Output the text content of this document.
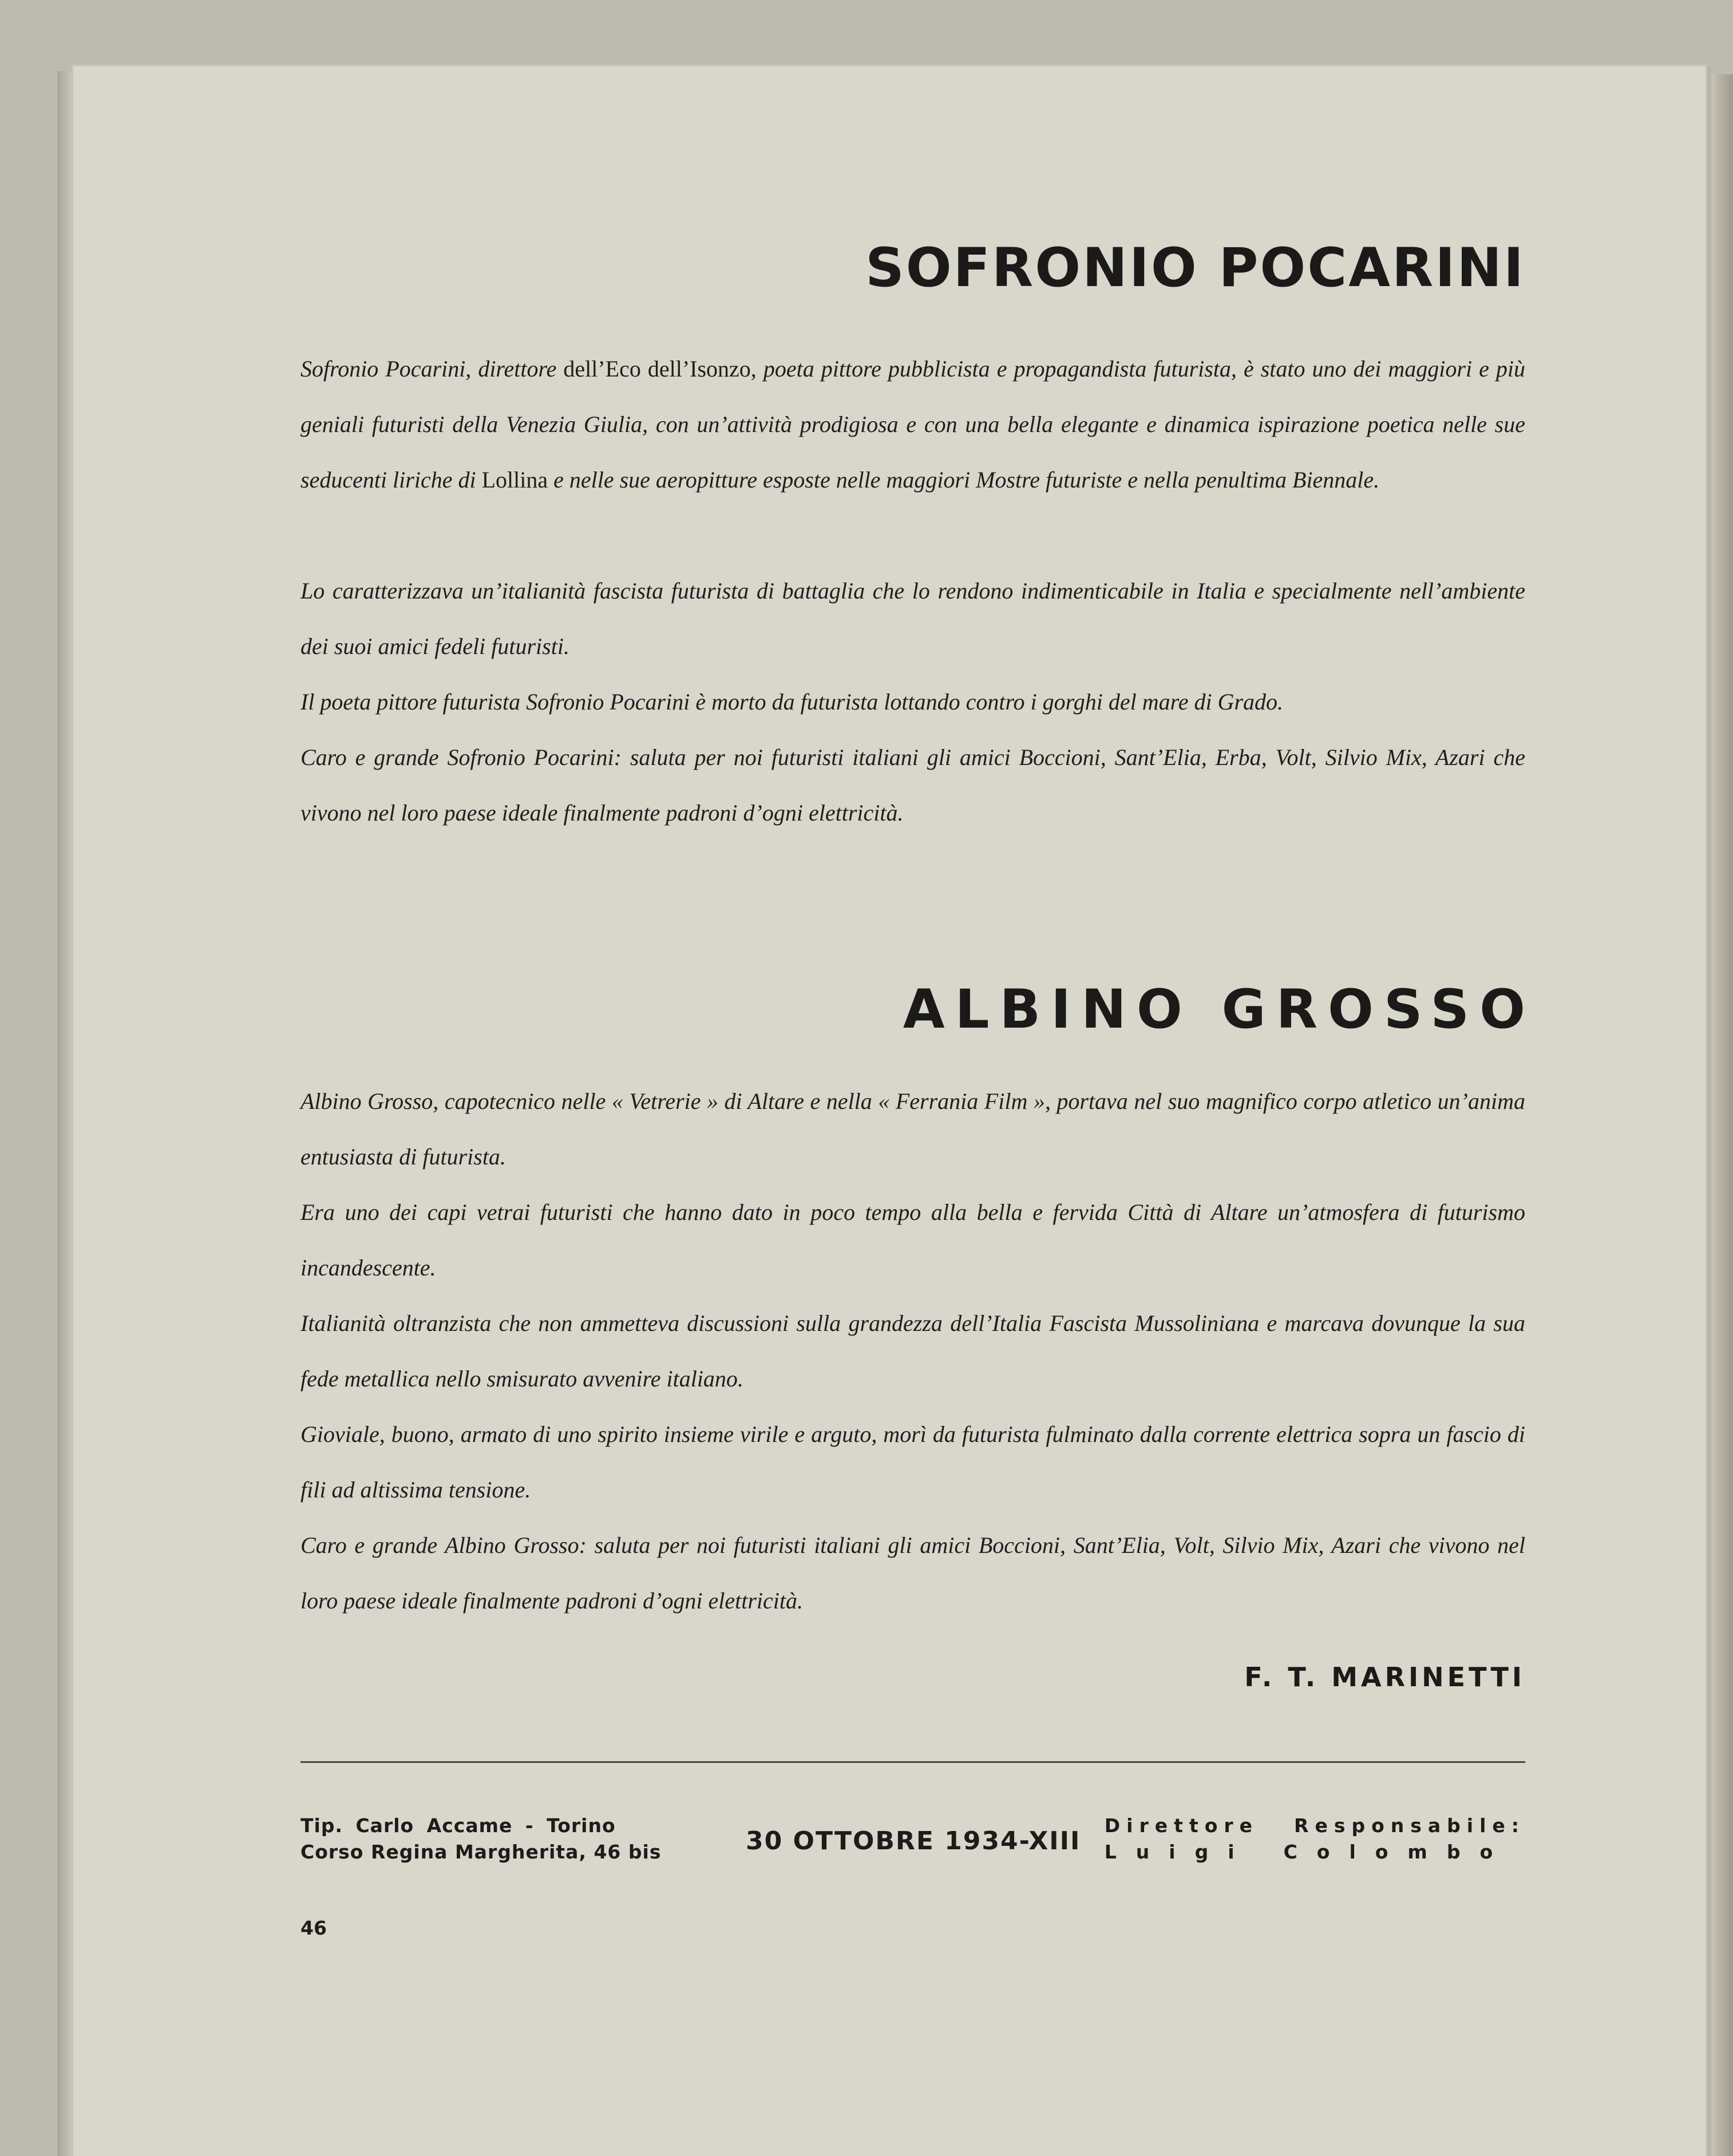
SOFRONIO POCARINI

Sofronio Pocarini, direttore dell’Eco dell’Isonzo, poeta pittore pubblicista e propagandista futurista, è stato uno dei maggiori e più geniali futuristi della Venezia Giulia, con un’attività prodigiosa e con una bella elegante e dinamica ispirazione poetica nelle sue seducenti liriche di Lollina e nelle sue aeropitture esposte nelle maggiori Mostre futuriste e nella penultima Biennale.

Lo caratterizzava un’italianità fascista futurista di battaglia che lo rendono indimenticabile in Italia e specialmente nell’ambiente dei suoi amici fedeli futuristi.

Il poeta pittore futurista Sofronio Pocarini è morto da futurista lottando contro i gorghi del mare di Grado.

Caro e grande Sofronio Pocarini: saluta per noi futuristi italiani gli amici Boccioni, Sant’Elia, Erba, Volt, Silvio Mix, Azari che vivono nel loro paese ideale finalmente padroni d’ogni elettricità.

ALBINO GROSSO

Albino Grosso, capotecnico nelle « Vetrerie » di Altare e nella « Ferrania Film », portava nel suo magnifico corpo atletico un’anima entusiasta di futurista.

Era uno dei capi vetrai futuristi che hanno dato in poco tempo alla bella e fervida Città di Altare un’atmosfera di futurismo incandescente.

Italianità oltranzista che non ammetteva discussioni sulla grandezza dell’Italia Fascista Mussoliniana e marcava dovunque la sua fede metallica nello smisurato avvenire italiano.

Gioviale, buono, armato di uno spirito insieme virile e arguto, morì da futurista fulminato dalla corrente elettrica sopra un fascio di fili ad altissima tensione.

Caro e grande Albino Grosso: saluta per noi futuristi italiani gli amici Boccioni, Sant’Elia, Volt, Silvio Mix, Azari che vivono nel loro paese ideale finalmente padroni d’ogni elettricità.

F. T. MARINETTI
Tip. Carlo Accame - Torino
Corso Regina Margherita, 46 bis	30 OTTOBRE 1934-XIII
Direttore Responsabile:
Luigi Colombo
46
